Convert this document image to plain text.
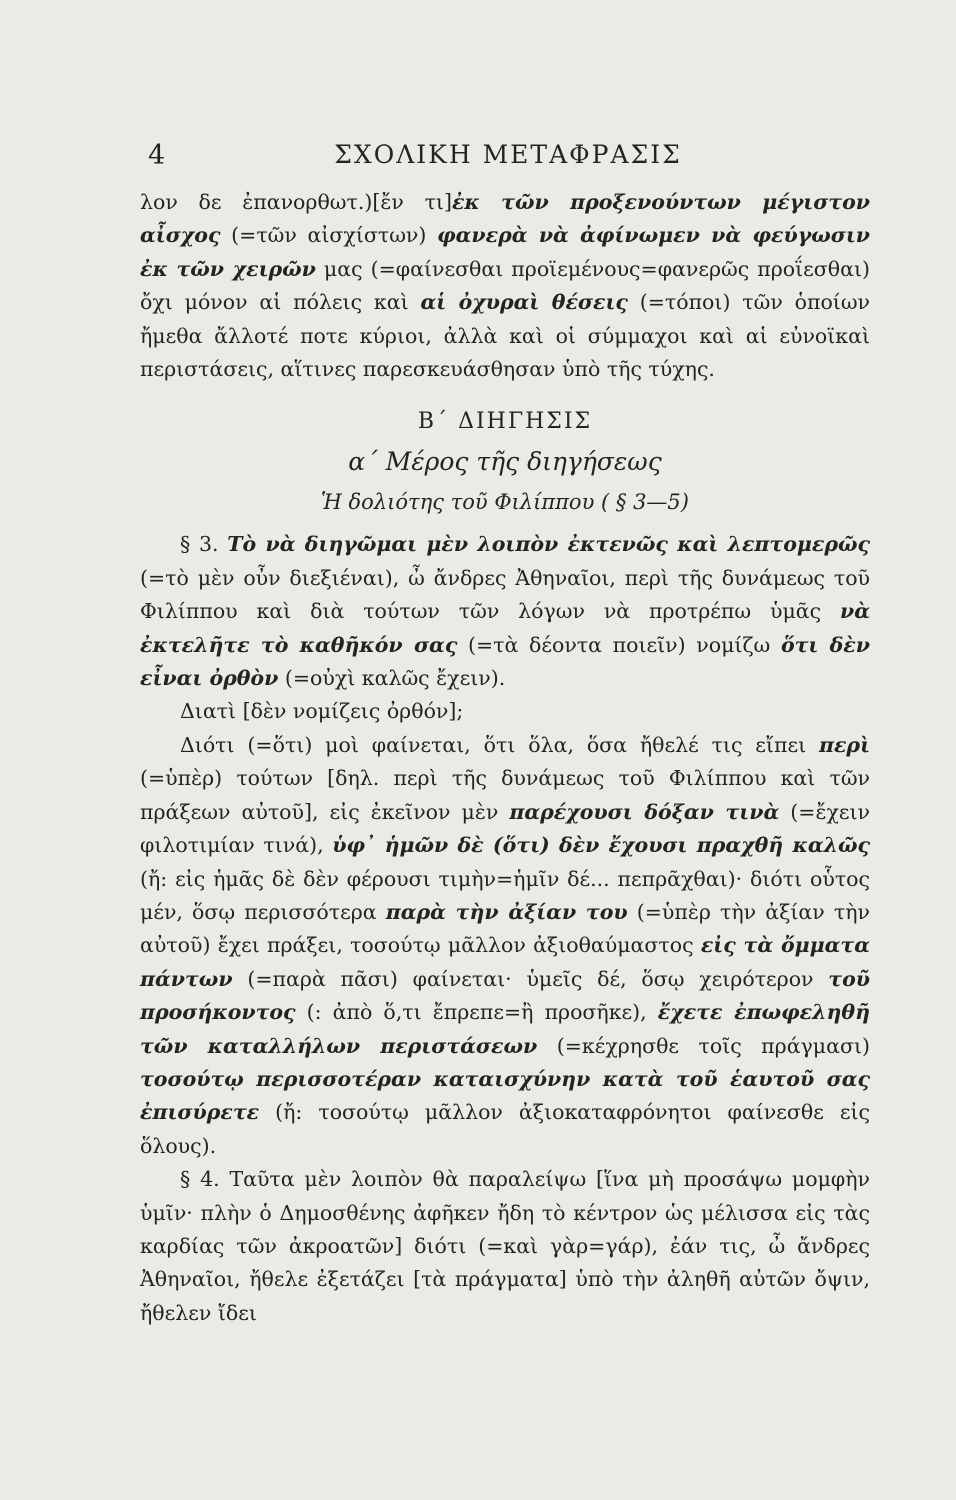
4	ΣΧΟΛΙΚΗ ΜΕΤΑΦΡΑΣΙΣ

λον δε ἐπανορθωτ.)[ἔν τι]ἐκ τῶν προξενούντων μέγιστον αἶσχος (=τῶν αἰσχίστων) φανερὰ νὰ ἀφίνωμεν νὰ φεύγωσιν ἐκ τῶν χειρῶν μας (=φαίνεσθαι προϊεμένους=φανερῶς προΐεσθαι) ὄχι μόνον αἱ πόλεις καὶ αἱ ὀχυραὶ θέσεις (=τόποι) τῶν ὁποίων ἤμεθα ἄλλοτέ ποτε κύριοι, ἀλλὰ καὶ οἱ σύμμαχοι καὶ αἱ εὐνοϊκαὶ περιστάσεις, αἵτινες παρεσκευάσθησαν ὑπὸ τῆς τύχης.

Β΄ ΔΙΗΓΗΣΙΣ

α΄ Μέρος τῆς διηγήσεως

Ἡ δολιότης τοῦ Φιλίππου ( § 3—5)

§ 3. Τὸ νὰ διηγῶμαι μὲν λοιπὸν ἐκτενῶς καὶ λεπτομερῶς (=τὸ μὲν οὖν διεξιέναι), ὦ ἄνδρες Ἀθηναῖοι, περὶ τῆς δυνάμεως τοῦ Φιλίππου καὶ διὰ τούτων τῶν λόγων νὰ προτρέπω ὑμᾶς νὰ ἐκτελῆτε τὸ καθῆκόν σας (=τὰ δέοντα ποιεῖν) νομίζω ὅτι δὲν εἶναι ὀρθὸν (=οὐχὶ καλῶς ἔχειν).

Διατὶ [δὲν νομίζεις ὀρθόν];

Διότι (=ὅτι) μοὶ φαίνεται, ὅτι ὅλα, ὅσα ἤθελέ τις εἴπει περὶ (=ὑπὲρ) τούτων [δηλ. περὶ τῆς δυνάμεως τοῦ Φιλίππου καὶ τῶν πράξεων αὐτοῦ], εἰς ἐκεῖνον μὲν παρέχουσι δόξαν τινὰ (=ἔχειν φιλοτιμίαν τινά), ὑφ᾽ ἡμῶν δὲ (ὅτι) δὲν ἔχουσι πραχθῆ καλῶς (ἤ: εἰς ἡμᾶς δὲ δὲν φέρουσι τιμὴν=ἡμῖν δέ... πεπρᾶχθαι)· διότι οὗτος μέν, ὅσῳ περισσότερα παρὰ τὴν ἀξίαν του (=ὑπὲρ τὴν ἀξίαν τὴν αὐτοῦ) ἔχει πράξει, τοσούτῳ μᾶλλον ἀξιοθαύμαστος εἰς τὰ ὄμματα πάντων (=παρὰ πᾶσι) φαίνεται· ὑμεῖς δέ, ὅσῳ χειρότερον τοῦ προσήκοντος (: ἀπὸ ὅ,τι ἔπρεπε=ἢ προσῆκε), ἔχετε ἐπωφεληθῆ τῶν καταλλήλων περιστάσεων (=κέχρησθε τοῖς πράγμασι) τοσούτῳ περισσοτέραν καταισχύνην κατὰ τοῦ ἑαυτοῦ σας ἐπισύρετε (ἤ: τοσούτῳ μᾶλλον ἀξιοκαταφρόνητοι φαίνεσθε εἰς ὅλους).

§ 4. Ταῦτα μὲν λοιπὸν θὰ παραλείψω [ἵνα μὴ προσάψω μομφὴν ὑμῖν· πλὴν ὁ Δημοσθένης ἀφῆκεν ἤδη τὸ κέντρον ὡς μέλισσα εἰς τὰς καρδίας τῶν ἀκροατῶν] διότι (=καὶ γὰρ=γάρ), ἐάν τις, ὦ ἄνδρες Ἀθηναῖοι, ἤθελε ἐξετάζει [τὰ πράγματα] ὑπὸ τὴν ἀληθῆ αὐτῶν ὄψιν, ἤθελεν ἴδει
